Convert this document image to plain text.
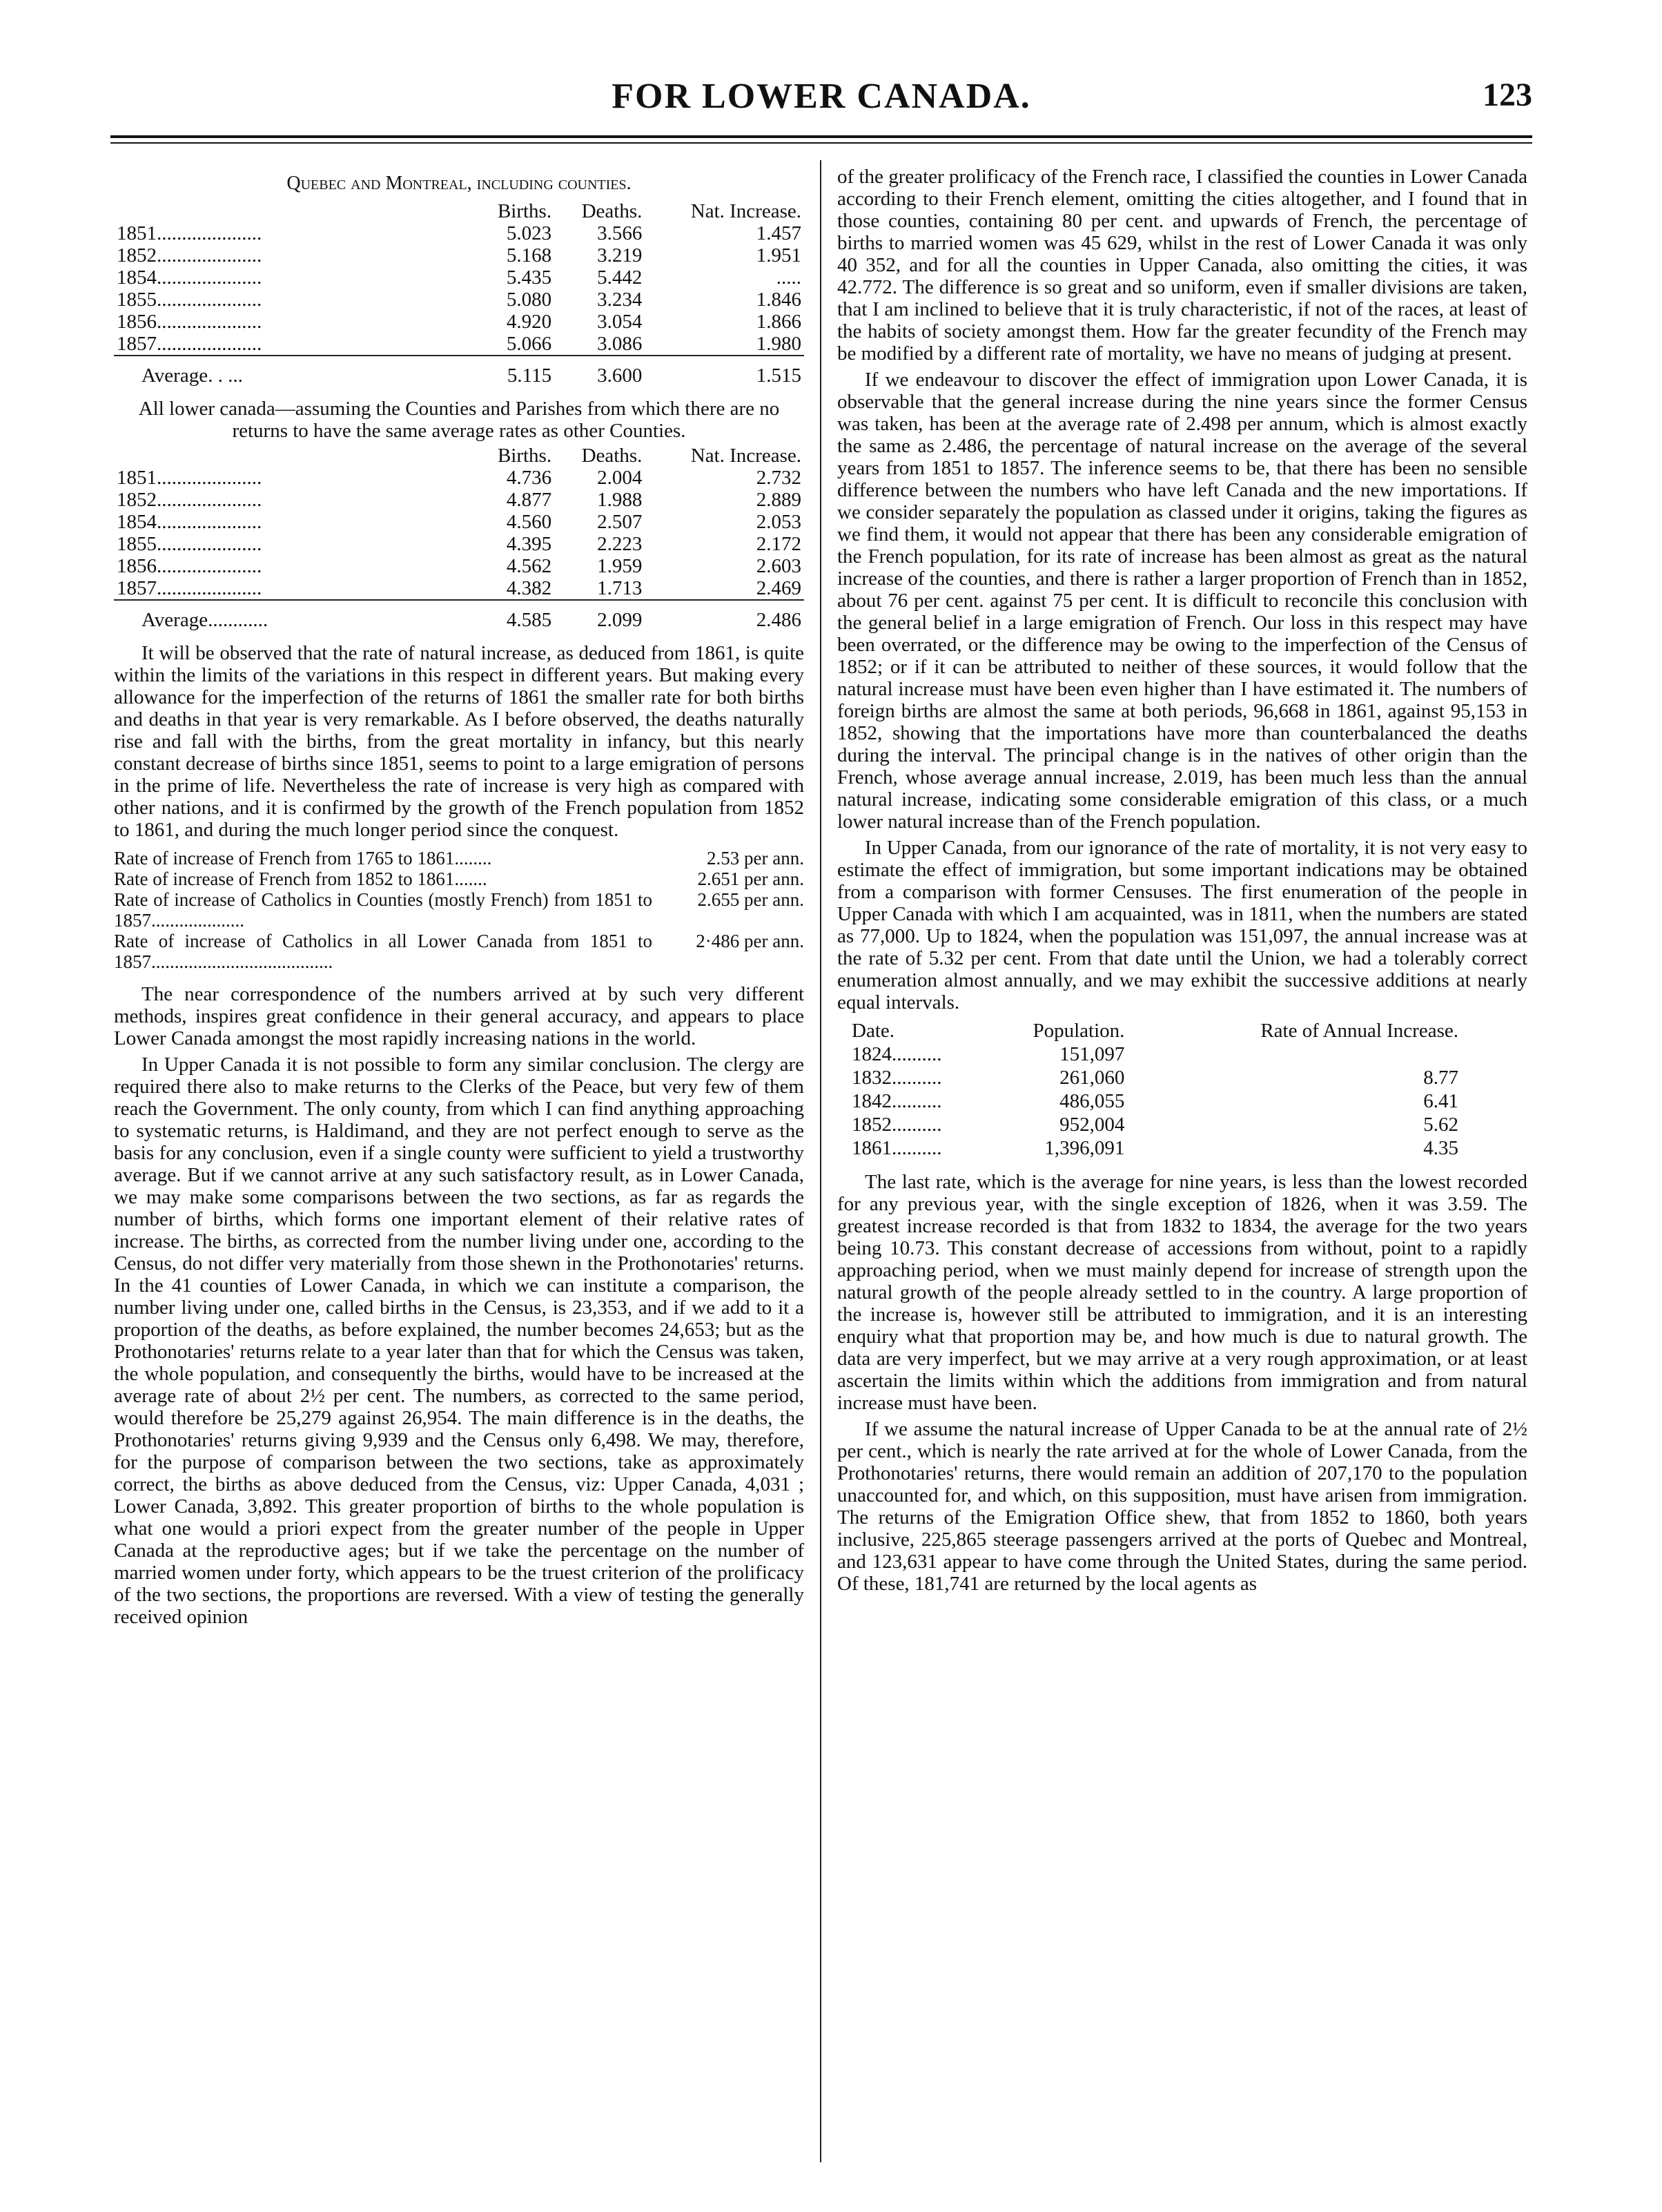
FOR LOWER CANADA.	123
Quebec and Montreal, including counties.
	Births.	Deaths.	Nat. Increase.
1851.....................	5.023	3.566	1.457
1852.....................	5.168	3.219	1.951
1854.....................	5.435	5.442	.....
1855.....................	5.080	3.234	1.846
1856.....................	4.920	3.054	1.866
1857.....................	5.066	3.086	1.980

Average. . ...	5.115	3.600	1.515
All lower canada—assuming the Counties and Parishes from which there are no returns to have the same average rates as other Counties.
	Births.	Deaths.	Nat. Increase.
1851.....................	4.736	2.004	2.732
1852.....................	4.877	1.988	2.889
1854.....................	4.560	2.507	2.053
1855.....................	4.395	2.223	2.172
1856.....................	4.562	1.959	2.603
1857.....................	4.382	1.713	2.469

Average............	4.585	2.099	2.486

It will be observed that the rate of natural increase, as deduced from 1861, is quite within the limits of the variations in this respect in different years. But making every allowance for the imperfection of the returns of 1861 the smaller rate for both births and deaths in that year is very remarkable. As I before observed, the deaths naturally rise and fall with the births, from the great mortality in infancy, but this nearly constant decrease of births since 1851, seems to point to a large emigration of persons in the prime of life. Nevertheless the rate of increase is very high as compared with other nations, and it is confirmed by the growth of the French population from 1852 to 1861, and during the much longer period since the conquest.

Rate of increase of French from 1765 to 1861........	2.53 per ann.
Rate of increase of French from 1852 to 1861.......	2.651 per ann.
Rate of increase of Catholics in Counties (mostly French) from 1851 to 1857....................
2.655 per ann.
Rate of increase of Catholics in all Lower Canada from 1851 to 1857.......................................
2·486 per ann.

The near correspondence of the numbers arrived at by such very different methods, inspires great confidence in their general accuracy, and appears to place Lower Canada amongst the most rapidly increasing nations in the world.

In Upper Canada it is not possible to form any similar conclusion. The clergy are required there also to make returns to the Clerks of the Peace, but very few of them reach the Government. The only county, from which I can find anything approaching to systematic returns, is Haldimand, and they are not perfect enough to serve as the basis for any conclusion, even if a single county were sufficient to yield a trustworthy average. But if we cannot arrive at any such satisfactory result, as in Lower Canada, we may make some comparisons between the two sections, as far as regards the number of births, which forms one important element of their relative rates of increase. The births, as corrected from the number living under one, according to the Census, do not differ very materially from those shewn in the Prothonotaries' returns. In the 41 counties of Lower Canada, in which we can institute a comparison, the number living under one, called births in the Census, is 23,353, and if we add to it a proportion of the deaths, as before explained, the number becomes 24,653; but as the Prothonotaries' returns relate to a year later than that for which the Census was taken, the whole population, and consequently the births, would have to be increased at the average rate of about 2½ per cent. The numbers, as corrected to the same period, would therefore be 25,279 against 26,954. The main difference is in the deaths, the Prothonotaries' returns giving 9,939 and the Census only 6,498. We may, therefore, for the purpose of comparison between the two sections, take as approximately correct, the births as above deduced from the Census, viz: Upper Canada, 4,031 ; Lower Canada, 3,892. This greater proportion of births to the whole population is what one would a priori expect from the greater number of the people in Upper Canada at the reproductive ages; but if we take the percentage on the number of married women under forty, which appears to be the truest criterion of the prolificacy of the two sections, the proportions are reversed. With a view of testing the generally received opinion

of the greater prolificacy of the French race, I classified the counties in Lower Canada according to their French element, omitting the cities altogether, and I found that in those counties, containing 80 per cent. and upwards of French, the percentage of births to married women was 45 629, whilst in the rest of Lower Canada it was only 40 352, and for all the counties in Upper Canada, also omitting the cities, it was 42.772. The difference is so great and so uniform, even if smaller divisions are taken, that I am inclined to believe that it is truly characteristic, if not of the races, at least of the habits of society amongst them. How far the greater fecundity of the French may be modified by a different rate of mortality, we have no means of judging at present.

If we endeavour to discover the effect of immigration upon Lower Canada, it is observable that the general increase during the nine years since the former Census was taken, has been at the average rate of 2.498 per annum, which is almost exactly the same as 2.486, the percentage of natural increase on the average of the several years from 1851 to 1857. The inference seems to be, that there has been no sensible difference between the numbers who have left Canada and the new importations. If we consider separately the population as classed under it origins, taking the figures as we find them, it would not appear that there has been any considerable emigration of the French population, for its rate of increase has been almost as great as the natural increase of the counties, and there is rather a larger proportion of French than in 1852, about 76 per cent. against 75 per cent. It is difficult to reconcile this conclusion with the general belief in a large emigration of French. Our loss in this respect may have been overrated, or the difference may be owing to the imperfection of the Census of 1852; or if it can be attributed to neither of these sources, it would follow that the natural increase must have been even higher than I have estimated it. The numbers of foreign births are almost the same at both periods, 96,668 in 1861, against 95,153 in 1852, showing that the importations have more than counterbalanced the deaths during the interval. The principal change is in the natives of other origin than the French, whose average annual increase, 2.019, has been much less than the annual natural increase, indicating some considerable emigration of this class, or a much lower natural increase than of the French population.

In Upper Canada, from our ignorance of the rate of mortality, it is not very easy to estimate the effect of immigration, but some important indications may be obtained from a comparison with former Censuses. The first enumeration of the people in Upper Canada with which I am acquainted, was in 1811, when the numbers are stated as 77,000. Up to 1824, when the population was 151,097, the annual increase was at the rate of 5.32 per cent. From that date until the Union, we had a tolerably correct enumeration almost annually, and we may exhibit the successive additions at nearly equal intervals.

Date.	Population.	Rate of Annual Increase.
1824..........	151,097	
1832..........	261,060	8.77
1842..........	486,055	6.41
1852..........	952,004	5.62
1861..........	1,396,091	4.35

The last rate, which is the average for nine years, is less than the lowest recorded for any previous year, with the single exception of 1826, when it was 3.59. The greatest increase recorded is that from 1832 to 1834, the average for the two years being 10.73. This constant decrease of accessions from without, point to a rapidly approaching period, when we must mainly depend for increase of strength upon the natural growth of the people already settled to in the country. A large proportion of the increase is, however still be attributed to immigration, and it is an interesting enquiry what that proportion may be, and how much is due to natural growth. The data are very imperfect, but we may arrive at a very rough approximation, or at least ascertain the limits within which the additions from immigration and from natural increase must have been.

If we assume the natural increase of Upper Canada to be at the annual rate of 2½ per cent., which is nearly the rate arrived at for the whole of Lower Canada, from the Prothonotaries' returns, there would remain an addition of 207,170 to the population unaccounted for, and which, on this supposition, must have arisen from immigration. The returns of the Emigration Office shew, that from 1852 to 1860, both years inclusive, 225,865 steerage passengers arrived at the ports of Quebec and Montreal, and 123,631 appear to have come through the United States, during the same period. Of these, 181,741 are returned by the local agents as
